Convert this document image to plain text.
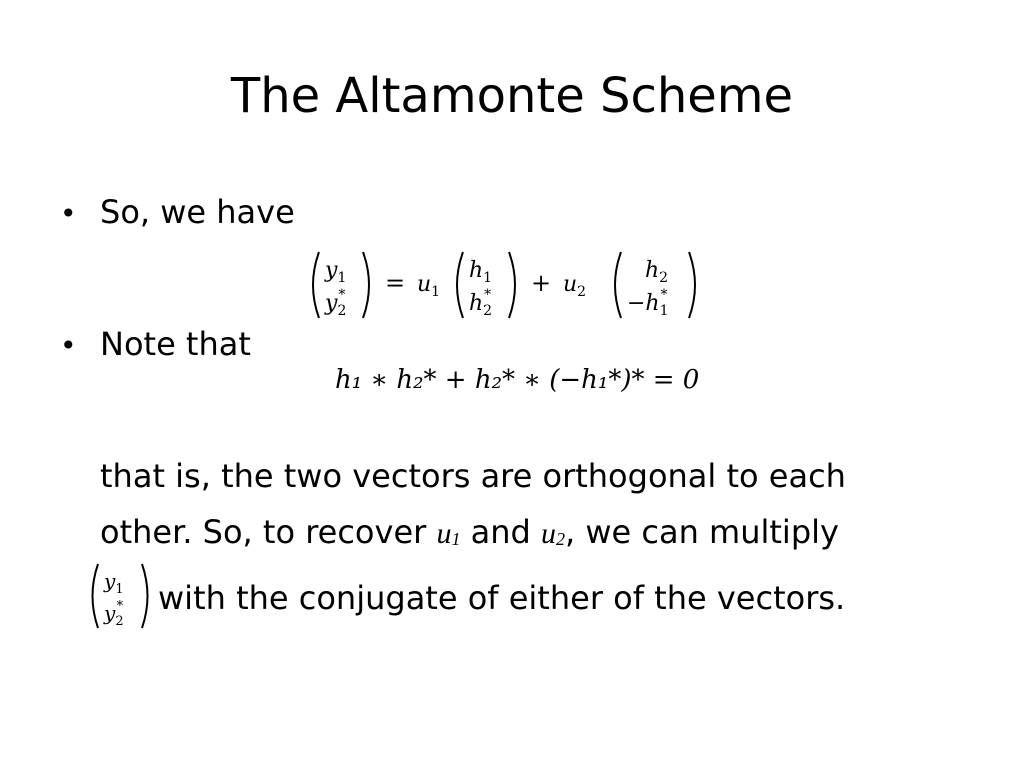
The Altamonte Scheme
• So, we have
$y_1$
$y_2* = u_1$
$h_1$
$h_2* + u_2$
$h_2$
$-h_1*$
• Note that
h₁ ∗ h₂* + h₂* ∗ (−h₁*)* = 0
that is, the two vectors are orthogonal to each
other. So, to recover $u_1$ and $u_2$, we can multiply
$y_1$
$y_2*$ with the conjugate of either of the vectors.
